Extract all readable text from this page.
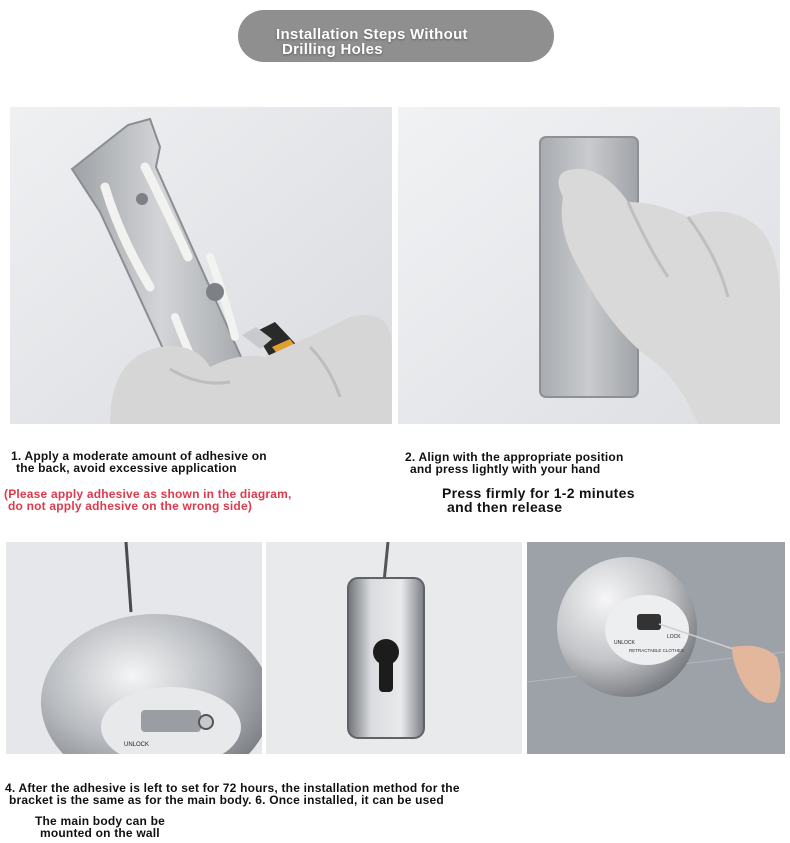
Installation Steps Without
Drilling Holes
1. Apply a moderate amount of adhesive on
the back, avoid excessive application
(Please apply adhesive as shown in the diagram,
do not apply adhesive on the wrong side)
2. Align with the appropriate position
and press lightly with your hand
Press firmly for 1-2 minutes
and then release
UNLOCK
UNLOCK
LOCK
RETRACTABLE CLOTHES
4. After the adhesive is left to set for 72 hours, the installation method for the
bracket is the same as for the main body. 6. Once installed, it can be used
The main body can be
mounted on the wall
